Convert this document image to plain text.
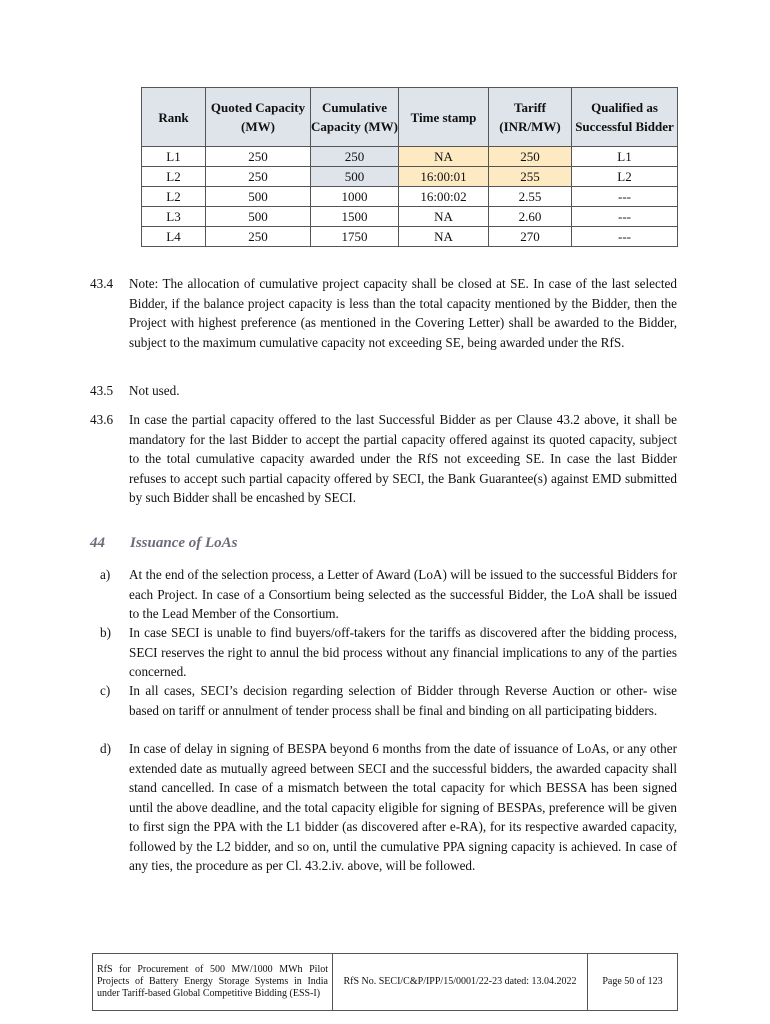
Rank	Quoted Capacity (MW)	Cumulative Capacity (MW)	Time stamp	Tariff (INR/MW)	Qualified as Successful Bidder
L1	250	250	NA	250	L1
L2	250	500	16:00:01	255	L2
L2	500	1000	16:00:02	2.55	---
L3	500	1500	NA	2.60	---
L4	250	1750	NA	270	---
43.4 Note: The allocation of cumulative project capacity shall be closed at SE. In case of the last selected Bidder, if the balance project capacity is less than the total capacity mentioned by the Bidder, then the Project with highest preference (as mentioned in the Covering Letter) shall be awarded to the Bidder, subject to the maximum cumulative capacity not exceeding SE, being awarded under the RfS.
43.5 Not used.
43.6 In case the partial capacity offered to the last Successful Bidder as per Clause 43.2 above, it shall be mandatory for the last Bidder to accept the partial capacity offered against its quoted capacity, subject to the total cumulative capacity awarded under the RfS not exceeding SE. In case the last Bidder refuses to accept such partial capacity offered by SECI, the Bank Guarantee(s) against EMD submitted by such Bidder shall be encashed by SECI.
44 Issuance of LoAs
a) At the end of the selection process, a Letter of Award (LoA) will be issued to the successful Bidders for each Project. In case of a Consortium being selected as the successful Bidder, the LoA shall be issued to the Lead Member of the Consortium.
b) In case SECI is unable to find buyers/off-takers for the tariffs as discovered after the bidding process, SECI reserves the right to annul the bid process without any financial implications to any of the parties concerned.
c) In all cases, SECI’s decision regarding selection of Bidder through Reverse Auction or other- wise based on tariff or annulment of tender process shall be final and binding on all participating bidders.
d) In case of delay in signing of BESPA beyond 6 months from the date of issuance of LoAs, or any other extended date as mutually agreed between SECI and the successful bidders, the awarded capacity shall stand cancelled. In case of a mismatch between the total capacity for which BESSA has been signed until the above deadline, and the total capacity eligible for signing of BESPAs, preference will be given to first sign the PPA with the L1 bidder (as discovered after e-RA), for its respective awarded capacity, followed by the L2 bidder, and so on, until the cumulative PPA signing capacity is achieved. In case of any ties, the procedure as per Cl. 43.2.iv. above, will be followed.
RfS for Procurement of 500 MW/1000 MWh Pilot Projects of Battery Energy Storage Systems in India under Tariff-based Global Competitive Bidding (ESS-I)	RfS No. SECI/C&P/IPP/15/0001/22-23 dated: 13.04.2022	Page 50 of 123
